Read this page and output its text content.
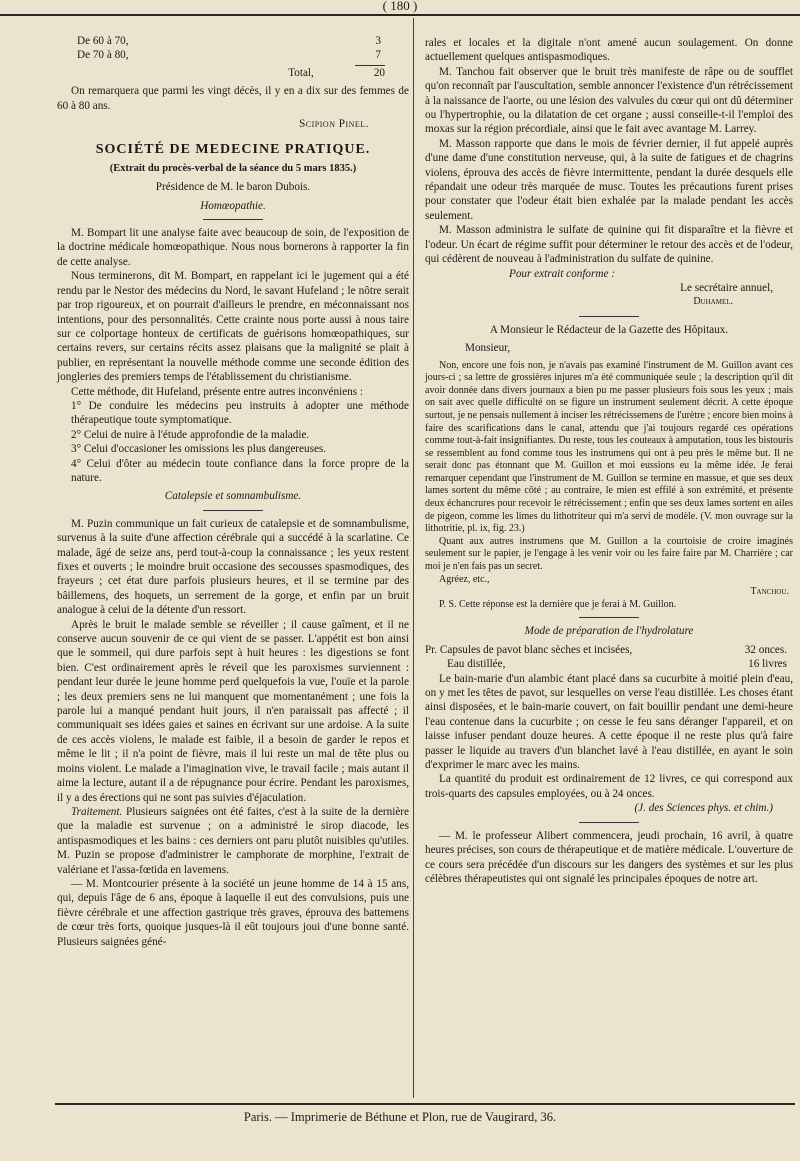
( 180 )
De 60 à 70,	3
De 70 à 80,	7
Total,	20

On remarquera que parmi les vingt décès, il y en a dix sur des femmes de 60 à 80 ans.

Scipion Pinel.
SOCIÉTÉ DE MEDECINE PRATIQUE.

(Extrait du procès-verbal de la séance du 5 mars 1835.)

Présidence de M. le baron Dubois.

Homœopathie.

M. Bompart lit une analyse faite avec beaucoup de soin, de l'exposition de la doctrine médicale homœopathique. Nous nous bornerons à rapporter la fin de cette analyse.

Nous terminerons, dit M. Bompart, en rappelant ici le jugement qui a été rendu par le Nestor des médecins du Nord, le savant Hufeland ; le nôtre serait par trop rigoureux, et on pourrait d'ailleurs le prendre, en méconnaissant nos intentions, pour des personnalités. Cette crainte nous porte aussi à nous taire sur ce colportage honteux de certificats de guérisons homœopathiques, sur certains revers, sur certains récits assez plaisans que la malignité se plait à publier, en représentant la nouvelle méthode comme une seconde édition des jongleries des premiers temps de l'établissement du christianisme.

Cette méthode, dit Hufeland, présente entre autres inconvéniens :

1° De conduire les médecins peu instruits à adopter une méthode thérapeutique toute symptomatique.

2° Celui de nuire à l'étude approfondie de la maladie.

3° Celui d'occasioner les omissions les plus dangereuses.

4° Celui d'ôter au médecin toute confiance dans la force propre de la nature.

Catalepsie et somnambulisme.

M. Puzin communique un fait curieux de catalepsie et de somnambulisme, survenus à la suite d'une affection cérébrale qui a succédé à la scarlatine. Ce malade, âgé de seize ans, perd tout-à-coup la connaissance ; les yeux restent fixes et ouverts ; le moindre bruit occasione des secousses spasmodiques, des frayeurs ; cet état dure parfois plusieurs heures, et il se termine par des bâillemens, des hoquets, un serrement de la gorge, et enfin par un bruit analogue à celui de la détente d'un ressort.

Après le bruit le malade semble se réveiller ; il cause gaîment, et il ne conserve aucun souvenir de ce qui vient de se passer. L'appétit est bon ainsi que le sommeil, qui dure parfois sept à huit heures : les digestions se font bien. C'est ordinairement après le réveil que les paroxismes surviennent : pendant leur durée le jeune homme perd quelquefois la vue, l'ouïe et la parole ; les deux premiers sens ne lui manquent que momentanément ; une fois la parole lui a manqué pendant huit jours, il n'en paraissait pas affecté ; il communiquait ses idées gaies et saines en écrivant sur une ardoise. A la suite de ces accès violens, le malade est faible, il a besoin de garder le repos et même le lit ; il n'a point de fièvre, mais il lui reste un mal de tête plus ou moins violent. Le malade a l'imagination vive, le travail facile ; mais autant il aime la lecture, autant il a de répugnance pour écrire. Pendant les paroxismes, il y a des érections qui ne sont pas suivies d'éjaculation.

Traitement. Plusieurs saignées ont été faites, c'est à la suite de la dernière que la maladie est survenue ; on a administré le sirop diacode, les antispasmodiques et les bains : ces derniers ont paru plutôt nuisibles qu'utiles. M. Puzin se propose d'administrer le camphorate de morphine, l'extrait de valériane et l'assa-fœtida en lavemens.

— M. Montcourier présente à la société un jeune homme de 14 à 15 ans, qui, depuis l'âge de 6 ans, époque à laquelle il eut des convulsions, puis une fièvre cérébrale et une affection gastrique très graves, éprouva des battemens de cœur très forts, quoique jusques-là il eût toujours joui d'une bonne santé. Plusieurs saignées géné-

rales et locales et la digitale n'ont amené aucun soulagement. On donne actuellement quelques antispasmodiques.

M. Tanchou fait observer que le bruit très manifeste de râpe ou de soufflet qu'on reconnaît par l'auscultation, semble annoncer l'existence d'un rétrécissement à la naissance de l'aorte, ou une lésion des valvules du cœur qui ont dû déterminer ou l'hypertrophie, ou la dilatation de cet organe ; aussi conseille-t-il l'emploi des moxas sur la région précordiale, ainsi que le fait avec avantage M. Larrey.

M. Masson rapporte que dans le mois de février dernier, il fut appelé auprès d'une dame d'une constitution nerveuse, qui, à la suite de fatigues et de chagrins violens, éprouva des accès de fièvre intermittente, pendant la durée desquels elle répandait une odeur très marquée de musc. Toutes les précautions furent prises pour constater que l'odeur était bien exhalée par la malade pendant les accès seulement.

M. Masson administra le sulfate de quinine qui fit disparaître et la fièvre et l'odeur. Un écart de régime suffit pour déterminer le retour des accès et de l'odeur, qui cédèrent de nouveau à l'administration du sulfate de quinine.

Pour extrait conforme :

Le secrétaire annuel,

Duhamel.

A Monsieur le Rédacteur de la Gazette des Hôpitaux.

Monsieur,

Non, encore une fois non, je n'avais pas examiné l'instrument de M. Guillon avant ces jours-ci ; sa lettre de grossières injures m'a été communiquée seule ; la description qu'il dit avoir donnée dans divers journaux a bien pu me passer plusieurs fois sous les yeux ; mais on sait avec quelle difficulté on se figure un instrument seulement décrit. A cette époque surtout, je ne pensais nullement à inciser les rétrécissemens de l'urètre ; encore bien moins à faire des scarifications dans le canal, attendu que j'ai toujours regardé ces opérations comme tout-à-fait insignifiantes. Du reste, tous les couteaux à amputation, tous les bistouris se ressemblent au fond comme tous les instrumens qui ont à peu près le même but. Il ne serait donc pas étonnant que M. Guillon et moi eussions eu la même idée. Je ferai remarquer cependant que l'instrument de M. Guillon se termine en massue, et que ses deux lames sortent du même côté ; au contraire, le mien est effilé à son extrémité, et présente deux échancrures pour recevoir le rétrécissement ; enfin que ses deux lames sortent en ailes de pigeon, comme les limes du lithotriteur qui m'a servi de modèle. (V. mon ouvrage sur la lithotritie, pl. ix, fig. 23.)

Quant aux autres instrumens que M. Guillon a la courtoisie de croire imaginés seulement sur le papier, je l'engage à les venir voir ou les faire faire par M. Charrière ; car moi je n'en fais pas un secret.

Agréez, etc.,

Tanchou.

P. S. Cette réponse est la dernière que je ferai à M. Guillon.

Mode de préparation de l'hydrolature

Pr. Capsules de pavot blanc sèches et incisées,	32 onces.
Eau distillée,	16 livres

Le bain-marie d'un alambic étant placé dans sa cucurbite à moitié plein d'eau, on y met les têtes de pavot, sur lesquelles on verse l'eau distillée. Les choses étant ainsi disposées, et le bain-marie couvert, on fait bouillir pendant une demi-heure l'eau contenue dans la cucurbite ; on cesse le feu sans déranger l'appareil, et on laisse infuser pendant douze heures. A cette époque il ne reste plus qu'à faire passer le liquide au travers d'un blanchet lavé à l'eau distillée, en ayant le soin d'exprimer le marc avec les mains.

La quantité du produit est ordinairement de 12 livres, ce qui correspond aux trois-quarts des capsules employées, ou à 24 onces.

(J. des Sciences phys. et chim.)

— M. le professeur Alibert commencera, jeudi prochain, 16 avril, à quatre heures précises, son cours de thérapeutique et de matière médicale. L'ouverture de ce cours sera précédée d'un discours sur les dangers des systèmes et sur les plus célèbres thérapeutistes qui ont signalé les principales époques de notre art.

Paris. — Imprimerie de Béthune et Plon, rue de Vaugirard, 36.
